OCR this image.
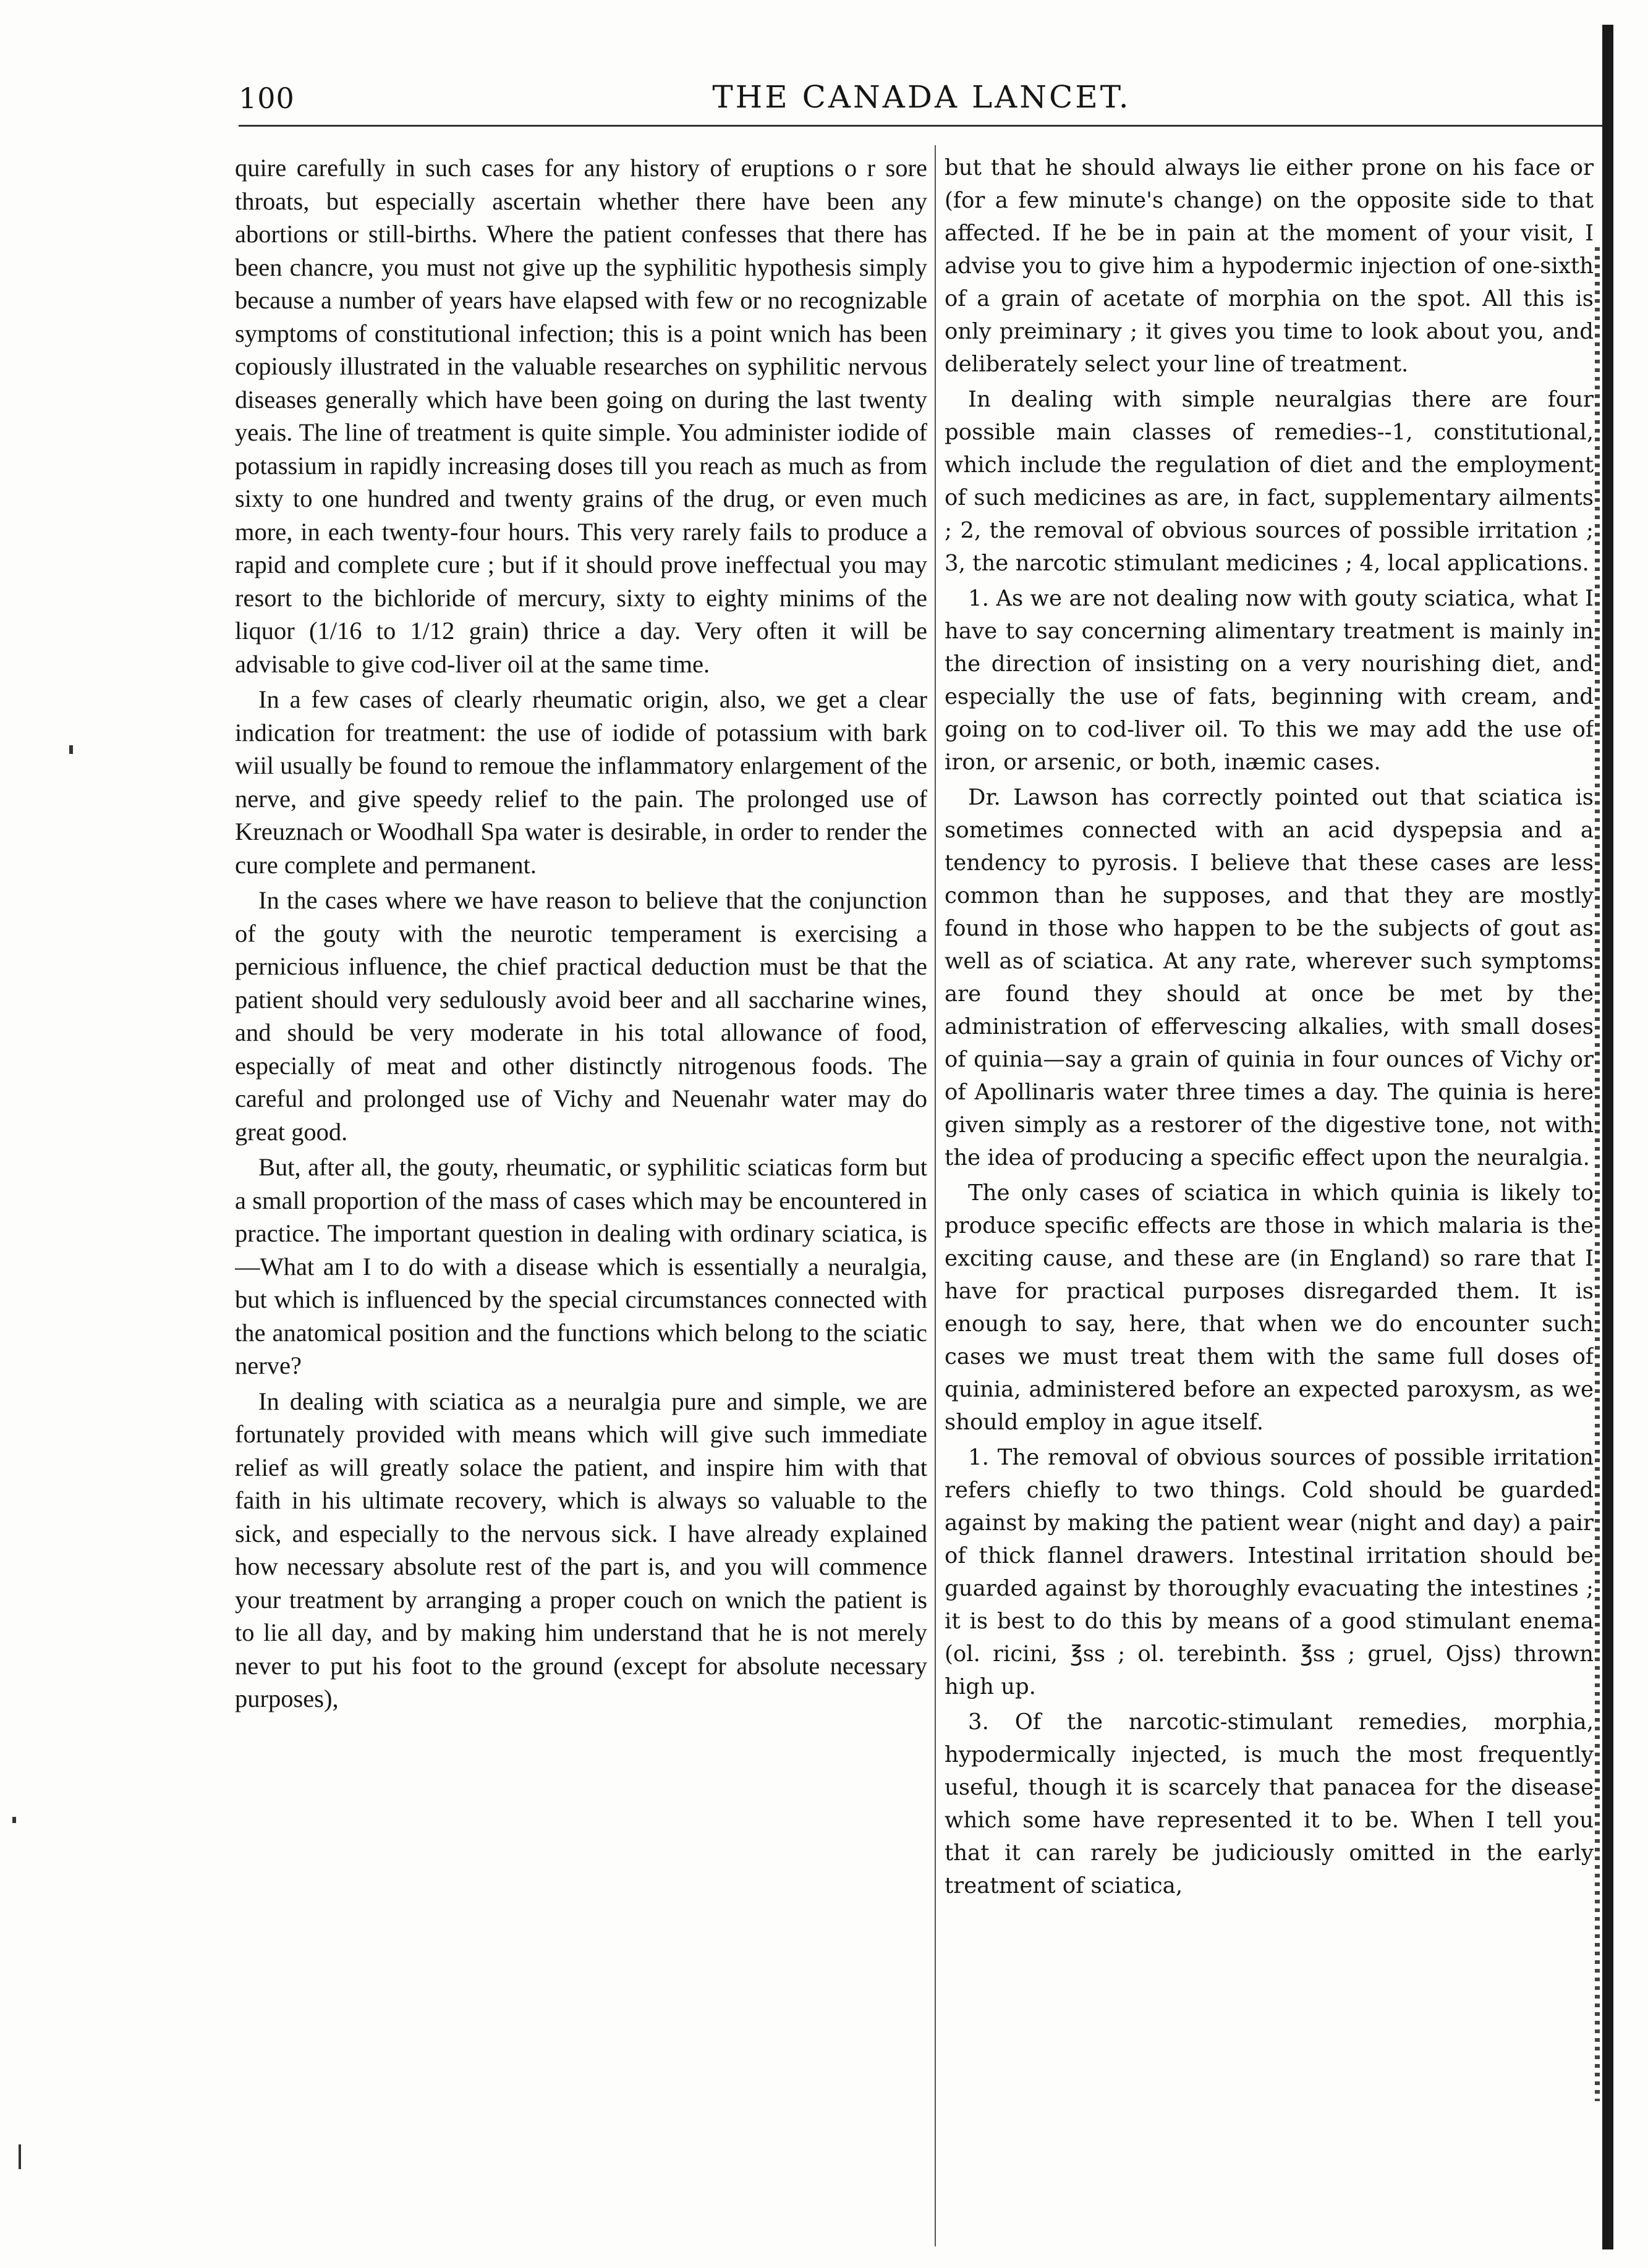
100	THE CANADA LANCET.

quire carefully in such cases for any history of eruptions o r sore throats, but especially ascertain whether there have been any abortions or still-births. Where the patient confesses that there has been chancre, you must not give up the syphilitic hypothesis simply because a number of years have elapsed with few or no recognizable symptoms of constitutional infection; this is a point wnich has been copiously illustrated in the valuable researches on syphilitic nervous diseases generally which have been going on during the last twenty yeais. The line of treatment is quite simple. You administer iodide of potassium in rapidly increasing doses till you reach as much as from sixty to one hundred and twenty grains of the drug, or even much more, in each twenty-four hours. This very rarely fails to produce a rapid and complete cure ; but if it should prove ineffectual you may resort to the bichloride of mercury, sixty to eighty minims of the liquor (1/16 to 1/12 grain) thrice a day. Very often it will be advisable to give cod-liver oil at the same time.

In a few cases of clearly rheumatic origin, also, we get a clear indication for treatment: the use of iodide of potassium with bark wiil usually be found to remoue the inflammatory enlargement of the nerve, and give speedy relief to the pain. The prolonged use of Kreuznach or Woodhall Spa water is desirable, in order to render the cure complete and permanent.

In the cases where we have reason to believe that the conjunction of the gouty with the neurotic temperament is exercising a pernicious influence, the chief practical deduction must be that the patient should very sedulously avoid beer and all saccharine wines, and should be very moderate in his total allowance of food, especially of meat and other distinctly nitrogenous foods. The careful and prolonged use of Vichy and Neuenahr water may do great good.

But, after all, the gouty, rheumatic, or syphilitic sciaticas form but a small proportion of the mass of cases which may be encountered in practice. The important question in dealing with ordinary sciatica, is—What am I to do with a disease which is essentially a neuralgia, but which is influenced by the special circumstances connected with the anatomical position and the functions which belong to the sciatic nerve?

In dealing with sciatica as a neuralgia pure and simple, we are fortunately provided with means which will give such immediate relief as will greatly solace the patient, and inspire him with that faith in his ultimate recovery, which is always so valuable to the sick, and especially to the nervous sick. I have already explained how necessary absolute rest of the part is, and you will commence your treatment by arranging a proper couch on wnich the patient is to lie all day, and by making him understand that he is not merely never to put his foot to the ground (except for absolute necessary purposes),

but that he should always lie either prone on his face or (for a few minute's change) on the opposite side to that affected. If he be in pain at the moment of your visit, I advise you to give him a hypodermic injection of one-sixth of a grain of acetate of morphia on the spot. All this is only preiminary ; it gives you time to look about you, and deliberately select your line of treatment.

In dealing with simple neuralgias there are four possible main classes of remedies--1, constitutional, which include the regulation of diet and the employment of such medicines as are, in fact, supplementary ailments ; 2, the removal of obvious sources of possible irritation ; 3, the narcotic stimulant medicines ; 4, local applications.

1. As we are not dealing now with gouty sciatica, what I have to say concerning alimentary treatment is mainly in the direction of insisting on a very nourishing diet, and especially the use of fats, beginning with cream, and going on to cod-liver oil. To this we may add the use of iron, or arsenic, or both, inæmic cases.

Dr. Lawson has correctly pointed out that sciatica is sometimes connected with an acid dyspepsia and a tendency to pyrosis. I believe that these cases are less common than he supposes, and that they are mostly found in those who happen to be the subjects of gout as well as of sciatica. At any rate, wherever such symptoms are found they should at once be met by the administration of effervescing alkalies, with small doses of quinia—say a grain of quinia in four ounces of Vichy or of Apollinaris water three times a day. The quinia is here given simply as a restorer of the digestive tone, not with the idea of producing a specific effect upon the neuralgia.

The only cases of sciatica in which quinia is likely to produce specific effects are those in which malaria is the exciting cause, and these are (in England) so rare that I have for practical purposes disregarded them. It is enough to say, here, that when we do encounter such cases we must treat them with the same full doses of quinia, administered before an expected paroxysm, as we should employ in ague itself.

1. The removal of obvious sources of possible irritation refers chiefly to two things. Cold should be guarded against by making the patient wear (night and day) a pair of thick flannel drawers. Intestinal irritation should be guarded against by thoroughly evacuating the intestines ; it is best to do this by means of a good stimulant enema (ol. ricini, ℥ss ; ol. terebinth. ℥ss ; gruel, Ojss) thrown high up.

3. Of the narcotic-stimulant remedies, morphia, hypodermically injected, is much the most frequently useful, though it is scarcely that panacea for the disease which some have represented it to be. When I tell you that it can rarely be judiciously omitted in the early treatment of sciatica,
